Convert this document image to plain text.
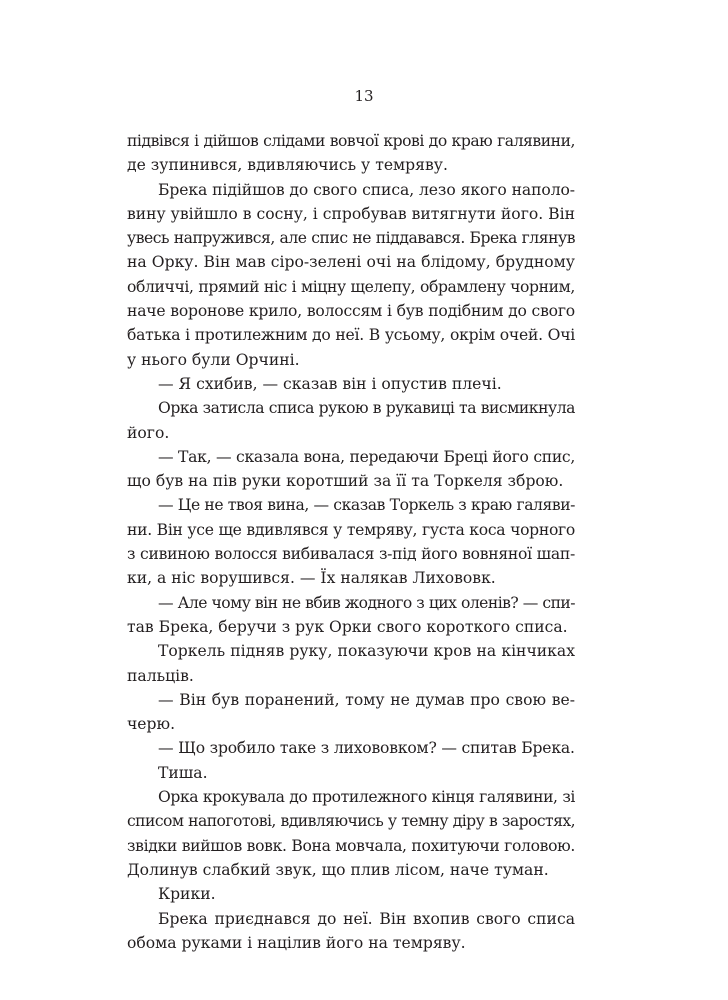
13
підвівся і дійшов слідами вовчої крові до краю галявини,
де зупинився, вдивляючись у темряву.
Брека підійшов до свого списа, лезо якого наполо-
вину увійшло в сосну, і спробував витягнути його. Він
увесь напружився, але спис не піддавався. Брека глянув
на Орку. Він мав сіро-зелені очі на блідому, брудному
обличчі, прямий ніс і міцну щелепу, обрамлену чорним,
наче воронове крило, волоссям і був подібним до свого
батька і протилежним до неї. В усьому, окрім очей. Очі
у нього були Орчині.
— Я схибив, — сказав він і опустив плечі.
Орка затисла списа рукою в рукавиці та висмикнула
його.
— Так, — сказала вона, передаючи Бреці його спис,
що був на пів руки коротший за її та Торкеля зброю.
— Це не твоя вина, — сказав Торкель з краю галяви-
ни. Він усе ще вдивлявся у темряву, густа коса чорного
з сивиною волосся вибивалася з-під його вовняної шап-
ки, а ніс ворушився. — Їх налякав Лихововк.
— Але чому він не вбив жодного з цих оленів? — спи-
тав Брека, беручи з рук Орки свого короткого списа.
Торкель підняв руку, показуючи кров на кінчиках
пальців.
— Він був поранений, тому не думав про свою ве-
черю.
— Що зробило таке з лихововком? — спитав Брека.
Тиша.
Орка крокувала до протилежного кінця галявини, зі
списом напоготові, вдивляючись у темну діру в заростях,
звідки вийшов вовк. Вона мовчала, похитуючи головою.
Долинув слабкий звук, що плив лісом, наче туман.
Крики.
Брека приєднався до неї. Він вхопив свого списа
обома руками і націлив його на темряву.
